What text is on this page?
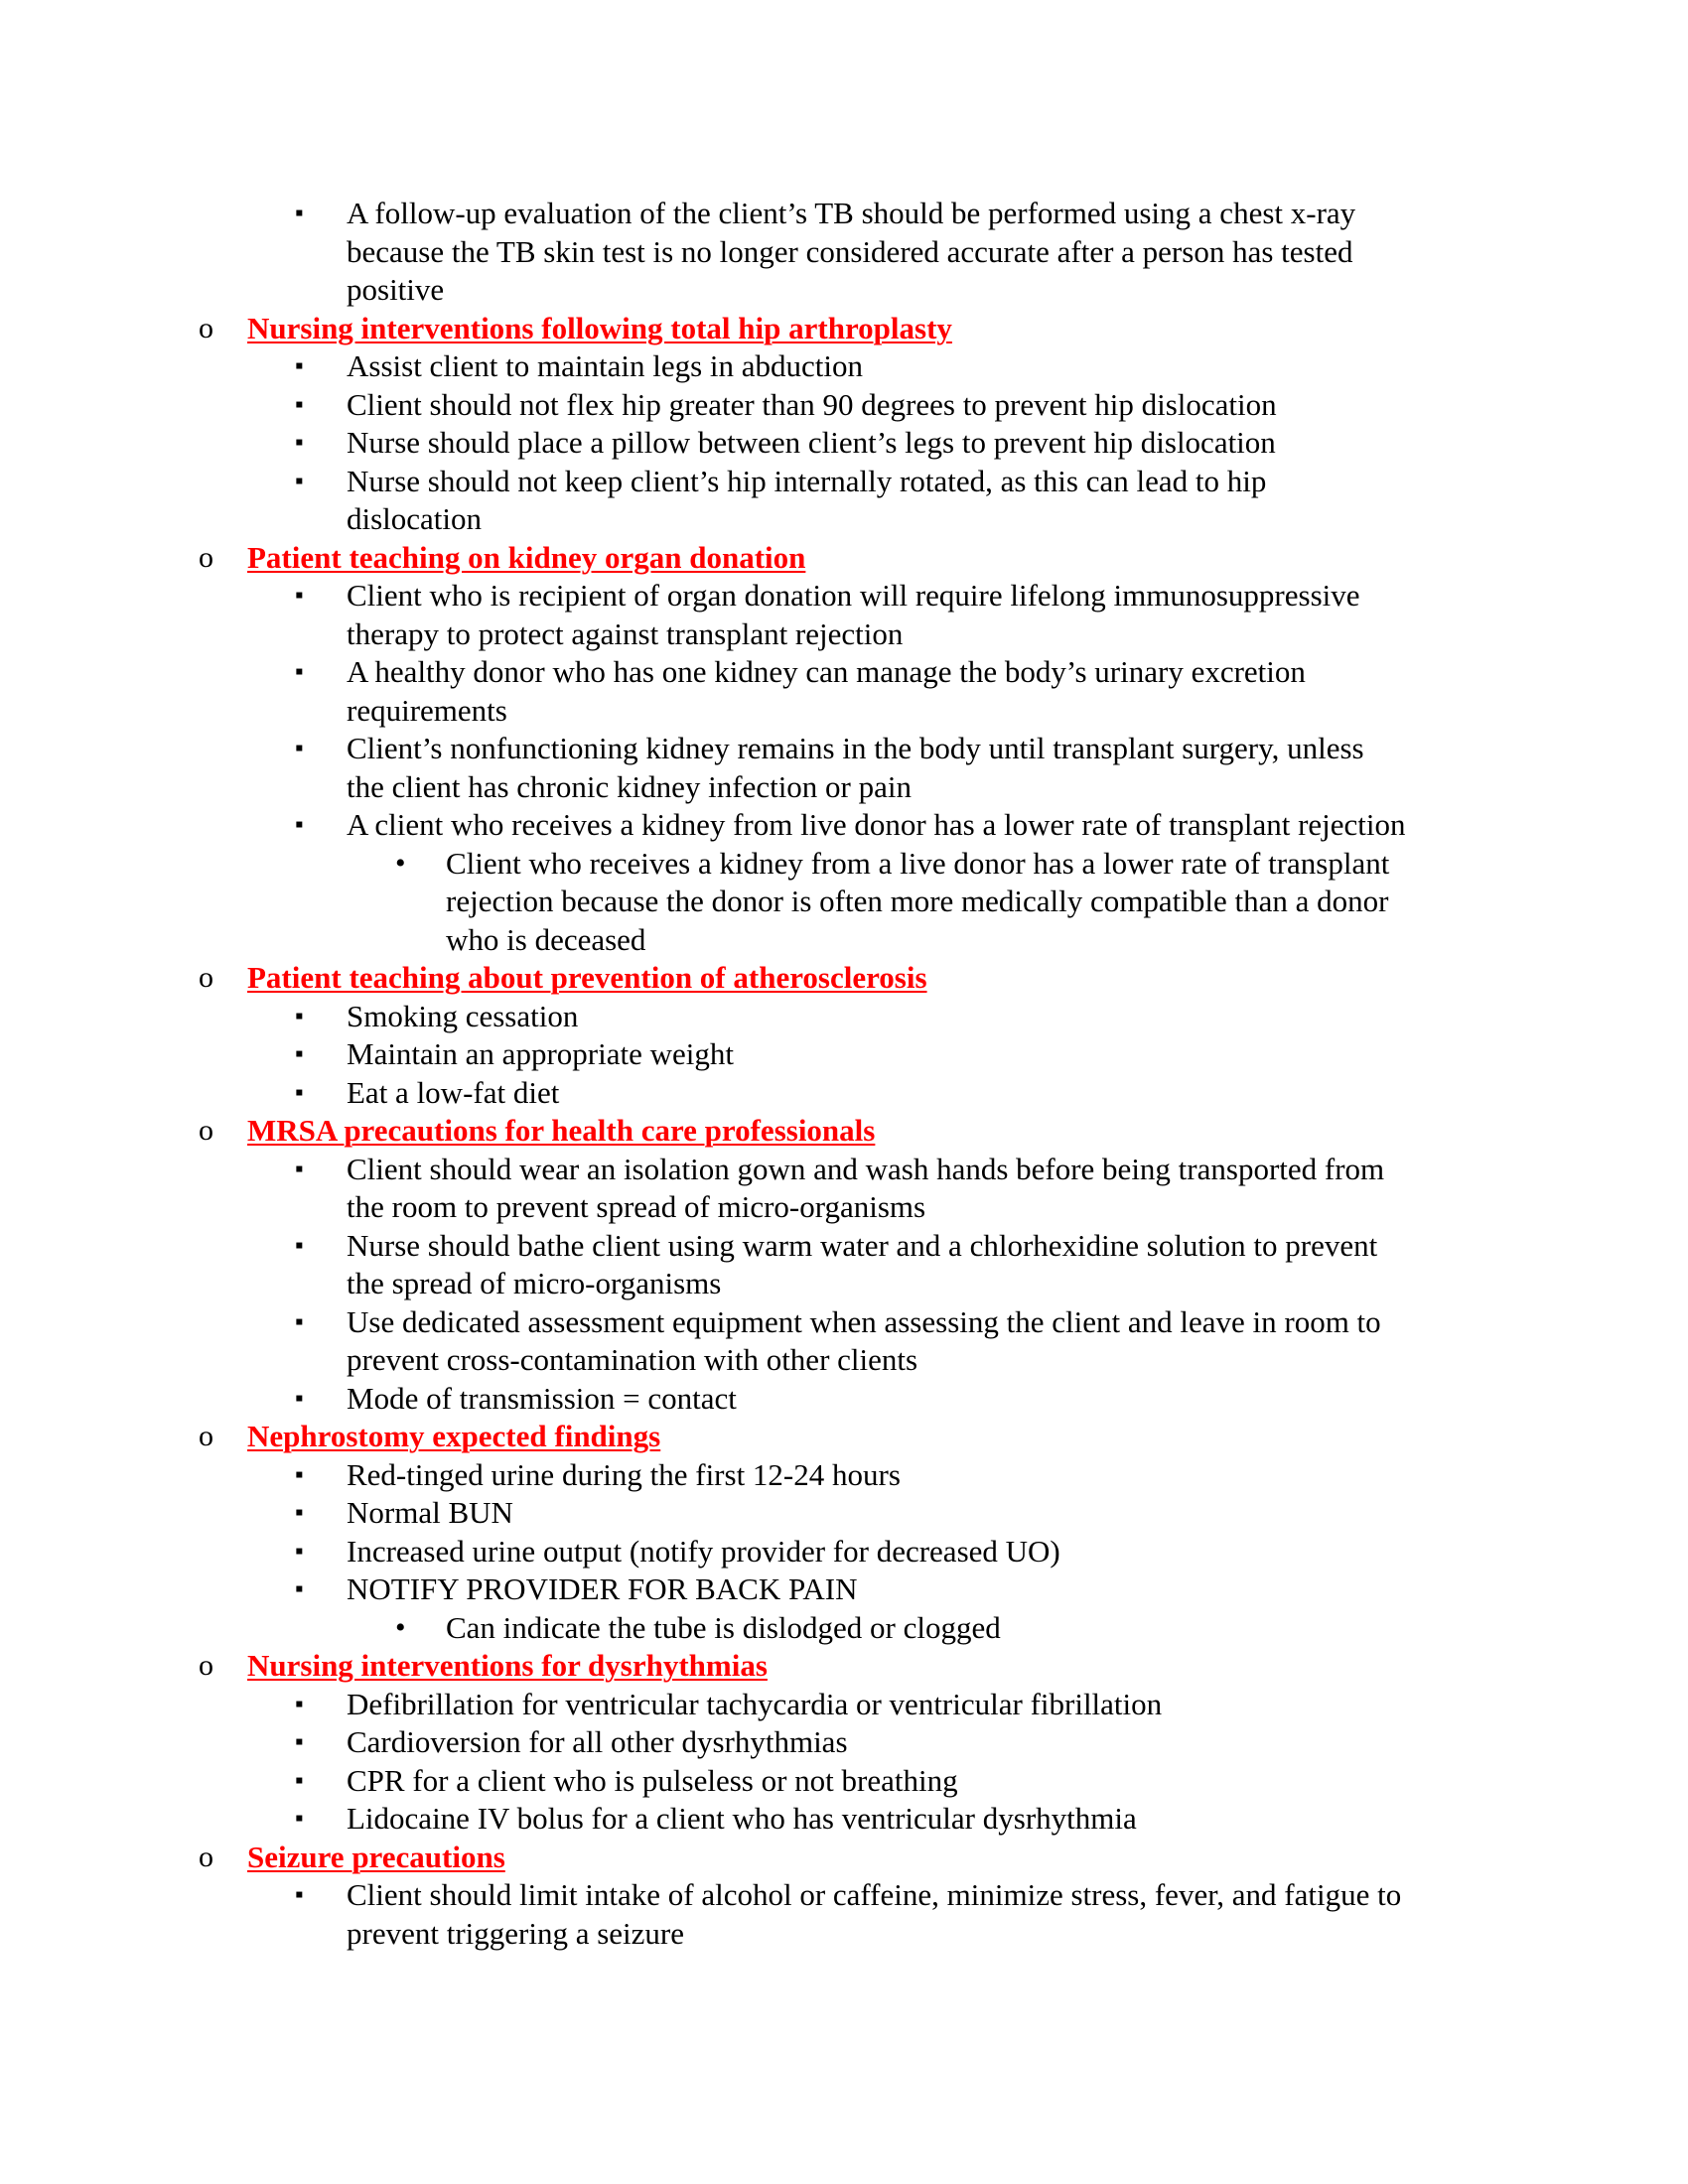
▪ A follow-up evaluation of the client’s TB should be performed using a chest x-ray
because the TB skin test is no longer considered accurate after a person has tested
positive
o Nursing interventions following total hip arthroplasty
▪ Assist client to maintain legs in abduction
▪ Client should not flex hip greater than 90 degrees to prevent hip dislocation
▪ Nurse should place a pillow between client’s legs to prevent hip dislocation
▪ Nurse should not keep client’s hip internally rotated, as this can lead to hip
dislocation
o Patient teaching on kidney organ donation
▪ Client who is recipient of organ donation will require lifelong immunosuppressive
therapy to protect against transplant rejection
▪ A healthy donor who has one kidney can manage the body’s urinary excretion
requirements
▪ Client’s nonfunctioning kidney remains in the body until transplant surgery, unless
the client has chronic kidney infection or pain
▪ A client who receives a kidney from live donor has a lower rate of transplant rejection
• Client who receives a kidney from a live donor has a lower rate of transplant
rejection because the donor is often more medically compatible than a donor
who is deceased
o Patient teaching about prevention of atherosclerosis
▪ Smoking cessation
▪ Maintain an appropriate weight
▪ Eat a low-fat diet
o MRSA precautions for health care professionals
▪ Client should wear an isolation gown and wash hands before being transported from
the room to prevent spread of micro-organisms
▪ Nurse should bathe client using warm water and a chlorhexidine solution to prevent
the spread of micro-organisms
▪ Use dedicated assessment equipment when assessing the client and leave in room to
prevent cross-contamination with other clients
▪ Mode of transmission = contact
o Nephrostomy expected findings
▪ Red-tinged urine during the first 12-24 hours
▪ Normal BUN
▪ Increased urine output (notify provider for decreased UO)
▪ NOTIFY PROVIDER FOR BACK PAIN
• Can indicate the tube is dislodged or clogged
o Nursing interventions for dysrhythmias
▪ Defibrillation for ventricular tachycardia or ventricular fibrillation
▪ Cardioversion for all other dysrhythmias
▪ CPR for a client who is pulseless or not breathing
▪ Lidocaine IV bolus for a client who has ventricular dysrhythmia
o Seizure precautions
▪ Client should limit intake of alcohol or caffeine, minimize stress, fever, and fatigue to
prevent triggering a seizure
